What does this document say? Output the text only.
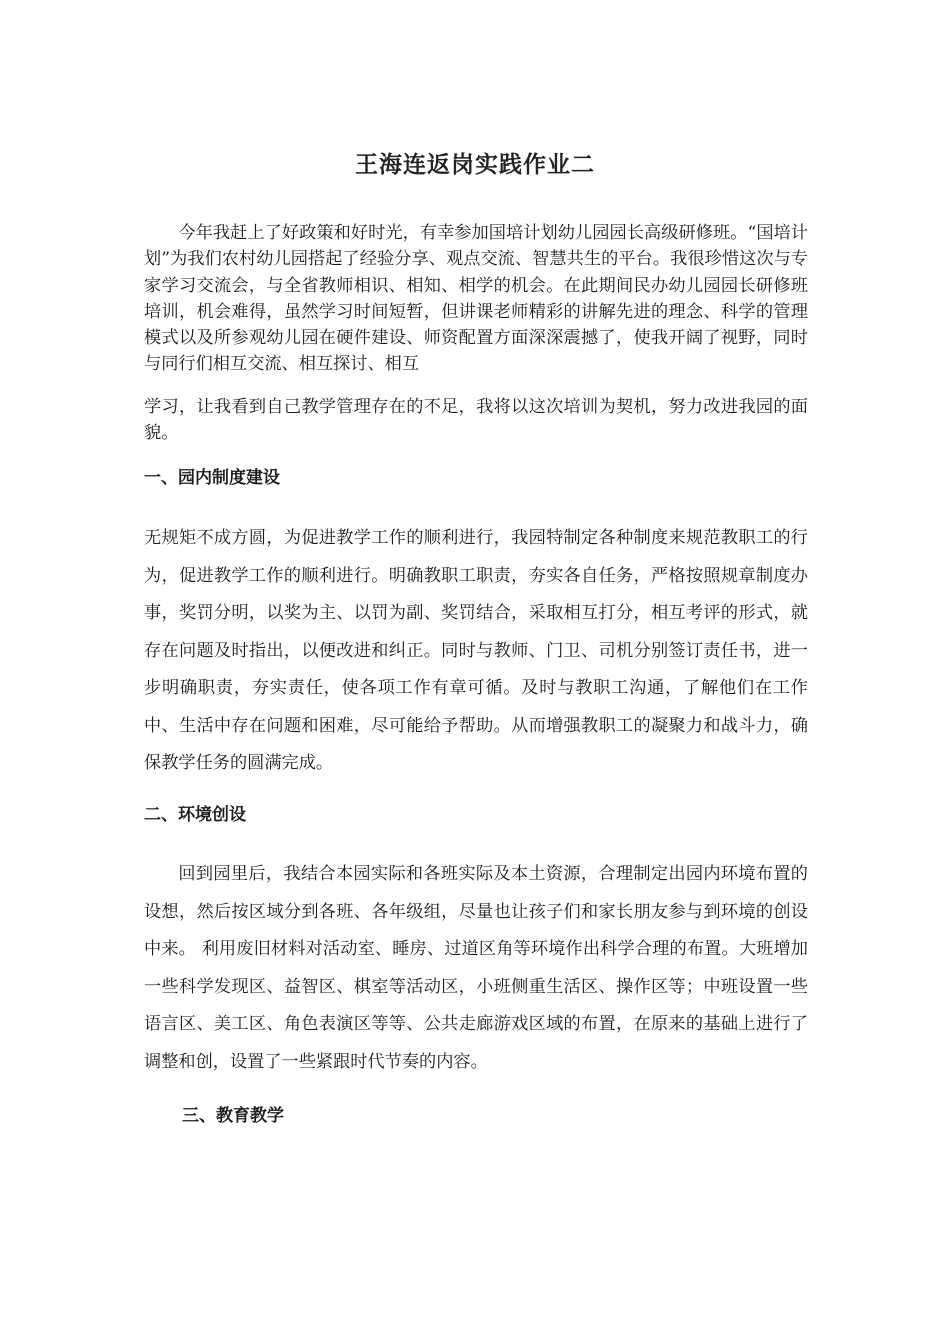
王海连返岗实践作业二

今年我赶上了好政策和好时光，有幸参加国培计划幼儿园园长高级研修班。“国培计划”为我们农村幼儿园搭起了经验分享、观点交流、智慧共生的平台。我很珍惜这次与专家学习交流会，与全省教师相识、相知、相学的机会。在此期间民办幼儿园园长研修班培训，机会难得，虽然学习时间短暂，但讲课老师精彩的讲解先进的理念、科学的管理模式以及所参观幼儿园在硬件建设、师资配置方面深深震撼了，使我开阔了视野，同时与同行们相互交流、相互探讨、相互

学习，让我看到自己教学管理存在的不足，我将以这次培训为契机，努力改进我园的面貌。

一、园内制度建设

无规矩不成方圆，为促进教学工作的顺利进行，我园特制定各种制度来规范教职工的行为，促进教学工作的顺利进行。明确教职工职责，夯实各自任务，严格按照规章制度办事，奖罚分明，以奖为主、以罚为副、奖罚结合，采取相互打分，相互考评的形式，就存在问题及时指出，以便改进和纠正。同时与教师、门卫、司机分别签订责任书，进一步明确职责，夯实责任，使各项工作有章可循。及时与教职工沟通，了解他们在工作中、生活中存在问题和困难，尽可能给予帮助。从而增强教职工的凝聚力和战斗力，确保教学任务的圆满完成。

二、环境创设

回到园里后，我结合本园实际和各班实际及本土资源，合理制定出园内环境布置的设想，然后按区域分到各班、各年级组，尽量也让孩子们和家长朋友参与到环境的创设中来。 利用废旧材料对活动室、睡房、过道区角等环境作出科学合理的布置。大班增加一些科学发现区、益智区、棋室等活动区，小班侧重生活区、操作区等；中班设置一些语言区、美工区、角色表演区等等、公共走廊游戏区域的布置，在原来的基础上进行了调整和创，设置了一些紧跟时代节奏的内容。

三、教育教学
